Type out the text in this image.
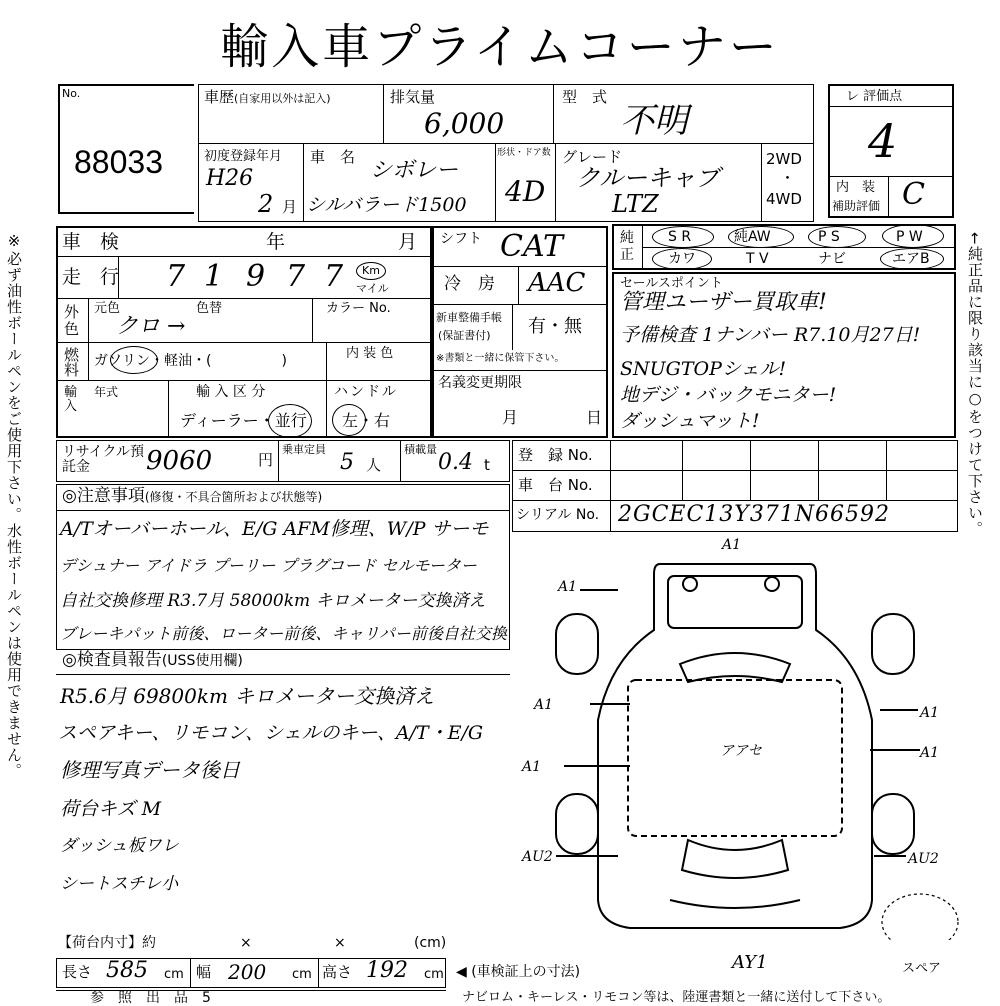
輸入車プライムコーナー
※必ず油性ボールペンをご使用下さい。水性ボールペンは使用できません。	←純正品に限り該当に○をつけて下さい。
No.
88033
車歴(自家用以外は記入)	排気量
6,000
型　式
不明
初度登録年月
H26
2 月
車　名
シボレー
シルバラード1500
形状・ドア数
4D
グレード
クルーキャブ
LTZ
2WD
・
4WD
レ 評価点
4
内　装
補助評価 C
車　検	年	月
走　行 7 1 9 7 7 Km
マイル
外色
元色	色替	カラー No.
クロ →
燃料 ガソリン・軽油・(　　　　　)	内 装 色
輸入
年式	輸 入 区 分
ディーラー・並行
ハンドル
左・右
シフト CAT
冷　房 AAC
新車整備手帳
(保証書付) 有・無
※書類と一緒に保管下さい。
名義変更期限
月	日
純正
S R	純AW	P S	P W
カワ	T V	ナビ	エアB
セールスポイント
管理ユーザー買取車!
予備検査 1ナンバー R7.10月27日!
SNUGTOPシェル!
地デジ・バックモニター!
ダッシュマット!
リサイクル預託金	9060	円
乗車定員
5 人
積載量
0.4 t
登　録 No.
車　台 No.
シリアル No. 2GCEC13Y371N66592
◎注意事項(修復・不具合箇所および状態等)
A/Tオーバーホール、E/G AFM修理、W/P サーモ
デシュナー アイドラ プーリー プラグコード セルモーター
自社交換修理 R3.7月 58000km キロメーター交換済え
ブレーキパット前後、ローター前後、キャリパー前後自社交換
◎検査員報告(USS使用欄)
R5.6月 69800km キロメーター交換済え
スペアキー、リモコン、シェルのキー、A/T・E/G
修理写真データ後日
荷台キズ M
ダッシュ板ワレ
シートスチレ小
A1
A1
A1
A1
A1
AU2	AU2
A1
AY1
アアセ
スペア
【荷台内寸】約	×	×	(cm)
長さ 585 cm 幅 200 cm 高さ 192 cm ◀ (車検証上の寸法)
参　照　出　品　5	ナビロム・キーレス・リモコン等は、陸運書類と一緒に送付して下さい。
